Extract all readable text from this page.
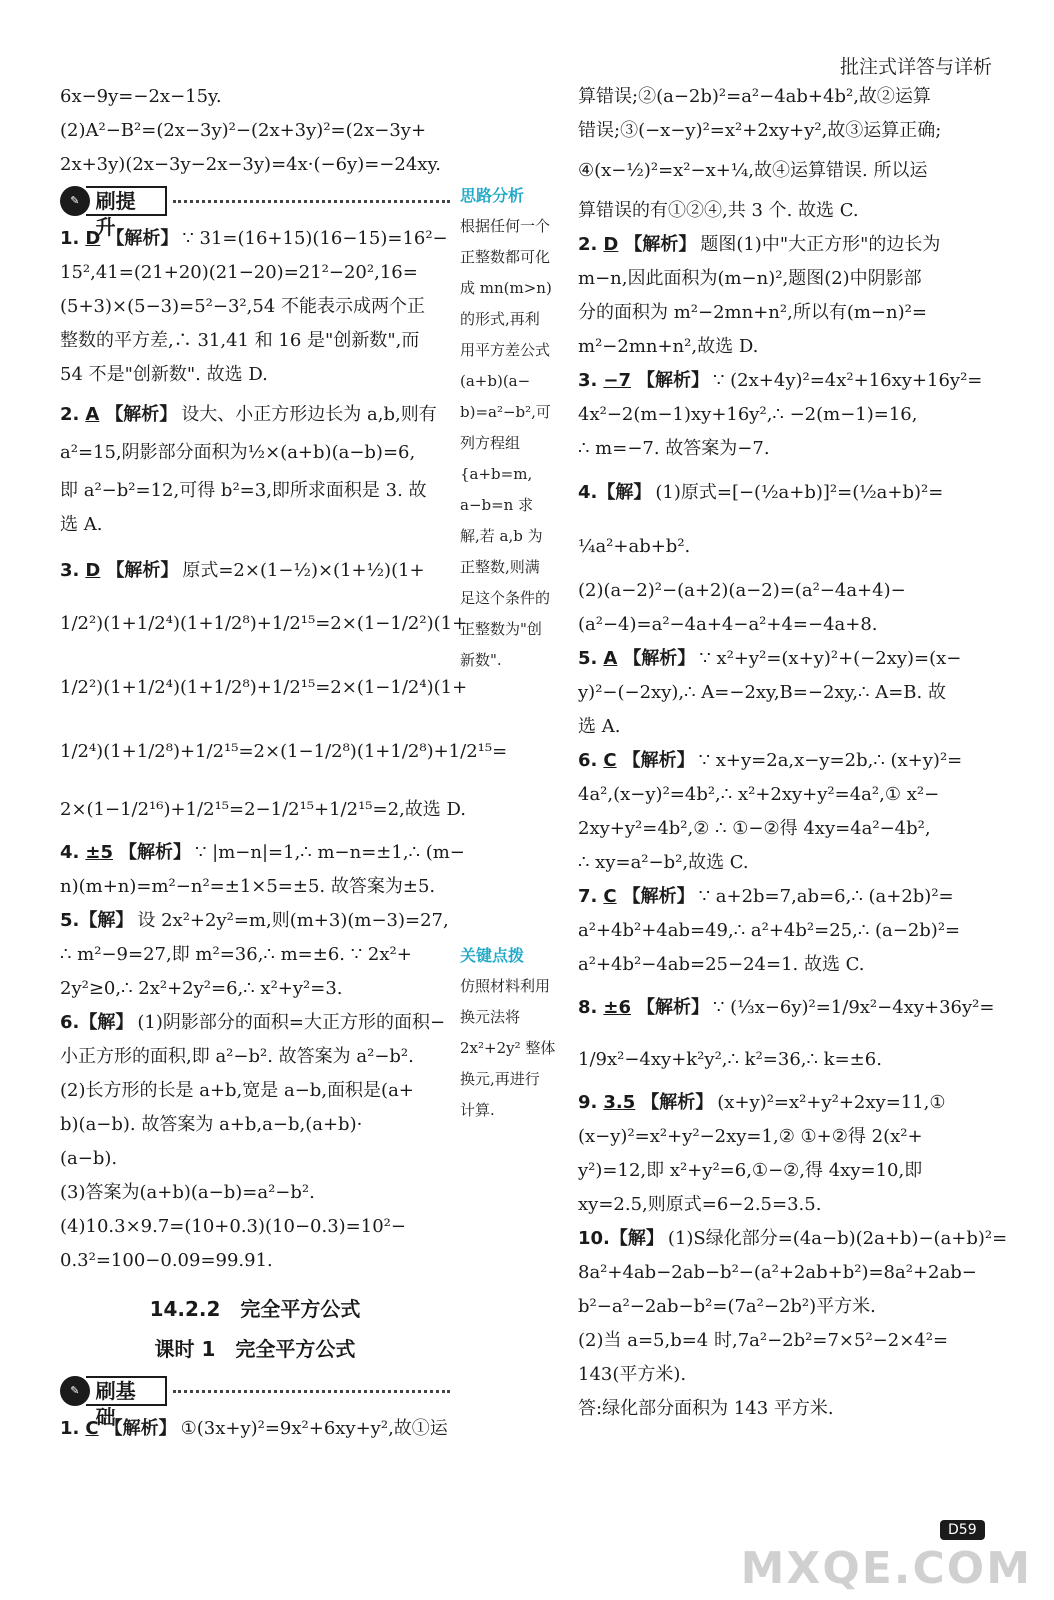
批注式详答与详析

6x−9y=−2x−15y.

(2)A²−B²=(2x−3y)²−(2x+3y)²=(2x−3y+

2x+3y)(2x−3y−2x−3y)=4x·(−6y)=−24xy.

✎ 刷提升

1. D 【解析】 ∵ 31=(16+15)(16−15)=16²−

15²,41=(21+20)(21−20)=21²−20²,16=

(5+3)×(5−3)=5²−3²,54 不能表示成两个正

整数的平方差,∴ 31,41 和 16 是"创新数",而

54 不是"创新数". 故选 D.

2. A 【解析】 设大、小正方形边长为 a,b,则有

a²=15,阴影部分面积为½×(a+b)(a−b)=6,

即 a²−b²=12,可得 b²=3,即所求面积是 3. 故

选 A.

3. D 【解析】 原式=2×(1−½)×(1+½)(1+

1/2²)(1+1/2⁴)(1+1/2⁸)+1/2¹⁵=2×(1−1/2²)(1+

1/2²)(1+1/2⁴)(1+1/2⁸)+1/2¹⁵=2×(1−1/2⁴)(1+

1/2⁴)(1+1/2⁸)+1/2¹⁵=2×(1−1/2⁸)(1+1/2⁸)+1/2¹⁵=

2×(1−1/2¹⁶)+1/2¹⁵=2−1/2¹⁵+1/2¹⁵=2,故选 D.

4. ±5 【解析】 ∵ |m−n|=1,∴ m−n=±1,∴ (m−

n)(m+n)=m²−n²=±1×5=±5. 故答案为±5.

5.【解】 设 2x²+2y²=m,则(m+3)(m−3)=27,

∴ m²−9=27,即 m²=36,∴ m=±6. ∵ 2x²+

2y²≥0,∴ 2x²+2y²=6,∴ x²+y²=3.

6.【解】 (1)阴影部分的面积=大正方形的面积−

小正方形的面积,即 a²−b². 故答案为 a²−b².

(2)长方形的长是 a+b,宽是 a−b,面积是(a+

b)(a−b). 故答案为 a+b,a−b,(a+b)·

(a−b).

(3)答案为(a+b)(a−b)=a²−b².

(4)10.3×9.7=(10+0.3)(10−0.3)=10²−

0.3²=100−0.09=99.91.

14.2.2　完全平方公式
课时 1　完全平方公式
✎ 刷基础

1. C 【解析】 ①(3x+y)²=9x²+6xy+y²,故①运

思路分析
根据任何一个
正整数都可化
成 mn(m>n)
的形式,再利
用平方差公式
(a+b)(a−
b)=a²−b²,可
列方程组
{a+b=m, a−b=n 求
解,若 a,b 为
正整数,则满
足这个条件的
正整数为"创
新数".
关键点拨
仿照材料利用
换元法将
2x²+2y² 整体
换元,再进行
计算.

算错误;②(a−2b)²=a²−4ab+4b²,故②运算

错误;③(−x−y)²=x²+2xy+y²,故③运算正确;

④(x−½)²=x²−x+¼,故④运算错误. 所以运

算错误的有①②④,共 3 个. 故选 C.

2. D 【解析】 题图(1)中"大正方形"的边长为

m−n,因此面积为(m−n)²,题图(2)中阴影部

分的面积为 m²−2mn+n²,所以有(m−n)²=

m²−2mn+n²,故选 D.

3. −7 【解析】 ∵ (2x+4y)²=4x²+16xy+16y²=

4x²−2(m−1)xy+16y²,∴ −2(m−1)=16,

∴ m=−7. 故答案为−7.

4.【解】 (1)原式=[−(½a+b)]²=(½a+b)²=

¼a²+ab+b².

(2)(a−2)²−(a+2)(a−2)=(a²−4a+4)−

(a²−4)=a²−4a+4−a²+4=−4a+8.

5. A 【解析】 ∵ x²+y²=(x+y)²+(−2xy)=(x−

y)²−(−2xy),∴ A=−2xy,B=−2xy,∴ A=B. 故

选 A.

6. C 【解析】 ∵ x+y=2a,x−y=2b,∴ (x+y)²=

4a²,(x−y)²=4b²,∴ x²+2xy+y²=4a²,① x²−

2xy+y²=4b²,② ∴ ①−②得 4xy=4a²−4b²,

∴ xy=a²−b²,故选 C.

7. C 【解析】 ∵ a+2b=7,ab=6,∴ (a+2b)²=

a²+4b²+4ab=49,∴ a²+4b²=25,∴ (a−2b)²=

a²+4b²−4ab=25−24=1. 故选 C.

8. ±6 【解析】 ∵ (⅓x−6y)²=1/9x²−4xy+36y²=

1/9x²−4xy+k²y²,∴ k²=36,∴ k=±6.

9. 3.5 【解析】 (x+y)²=x²+y²+2xy=11,①

(x−y)²=x²+y²−2xy=1,② ①+②得 2(x²+

y²)=12,即 x²+y²=6,①−②,得 4xy=10,即

xy=2.5,则原式=6−2.5=3.5.

10.【解】 (1)S绿化部分=(4a−b)(2a+b)−(a+b)²=

8a²+4ab−2ab−b²−(a²+2ab+b²)=8a²+2ab−

b²−a²−2ab−b²=(7a²−2b²)平方米.

(2)当 a=5,b=4 时,7a²−2b²=7×5²−2×4²=

143(平方米).

答:绿化部分面积为 143 平方米.

D59
MXQE.COM
